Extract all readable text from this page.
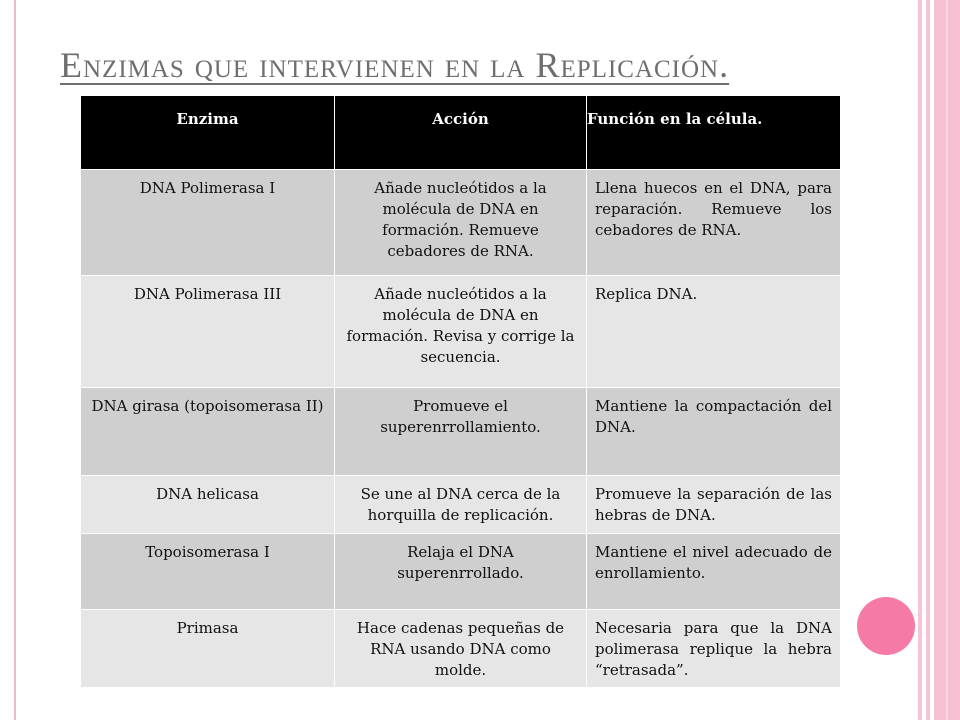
Enzimas que intervienen en la Replicación.
Enzima	Acción	Función en la célula.
DNA Polimerasa I	Añade nucleótidos a la molécula de DNA en formación. Remueve cebadores de RNA.	Llena huecos en el DNA, para reparación. Remueve los cebadores de RNA.
DNA Polimerasa III	Añade nucleótidos a la molécula de DNA en formación. Revisa y corrige la secuencia.	Replica DNA.
DNA girasa (topoisomerasa II)	Promueve el superenrrollamiento.	Mantiene la compactación del DNA.
DNA helicasa	Se une al DNA cerca de la horquilla de replicación.	Promueve la separación de las hebras de DNA.
Topoisomerasa I	Relaja el DNA superenrrollado.	Mantiene el nivel adecuado de enrollamiento.
Primasa	Hace cadenas pequeñas de RNA usando DNA como molde.	Necesaria para que la DNA polimerasa replique la hebra “retrasada”.
